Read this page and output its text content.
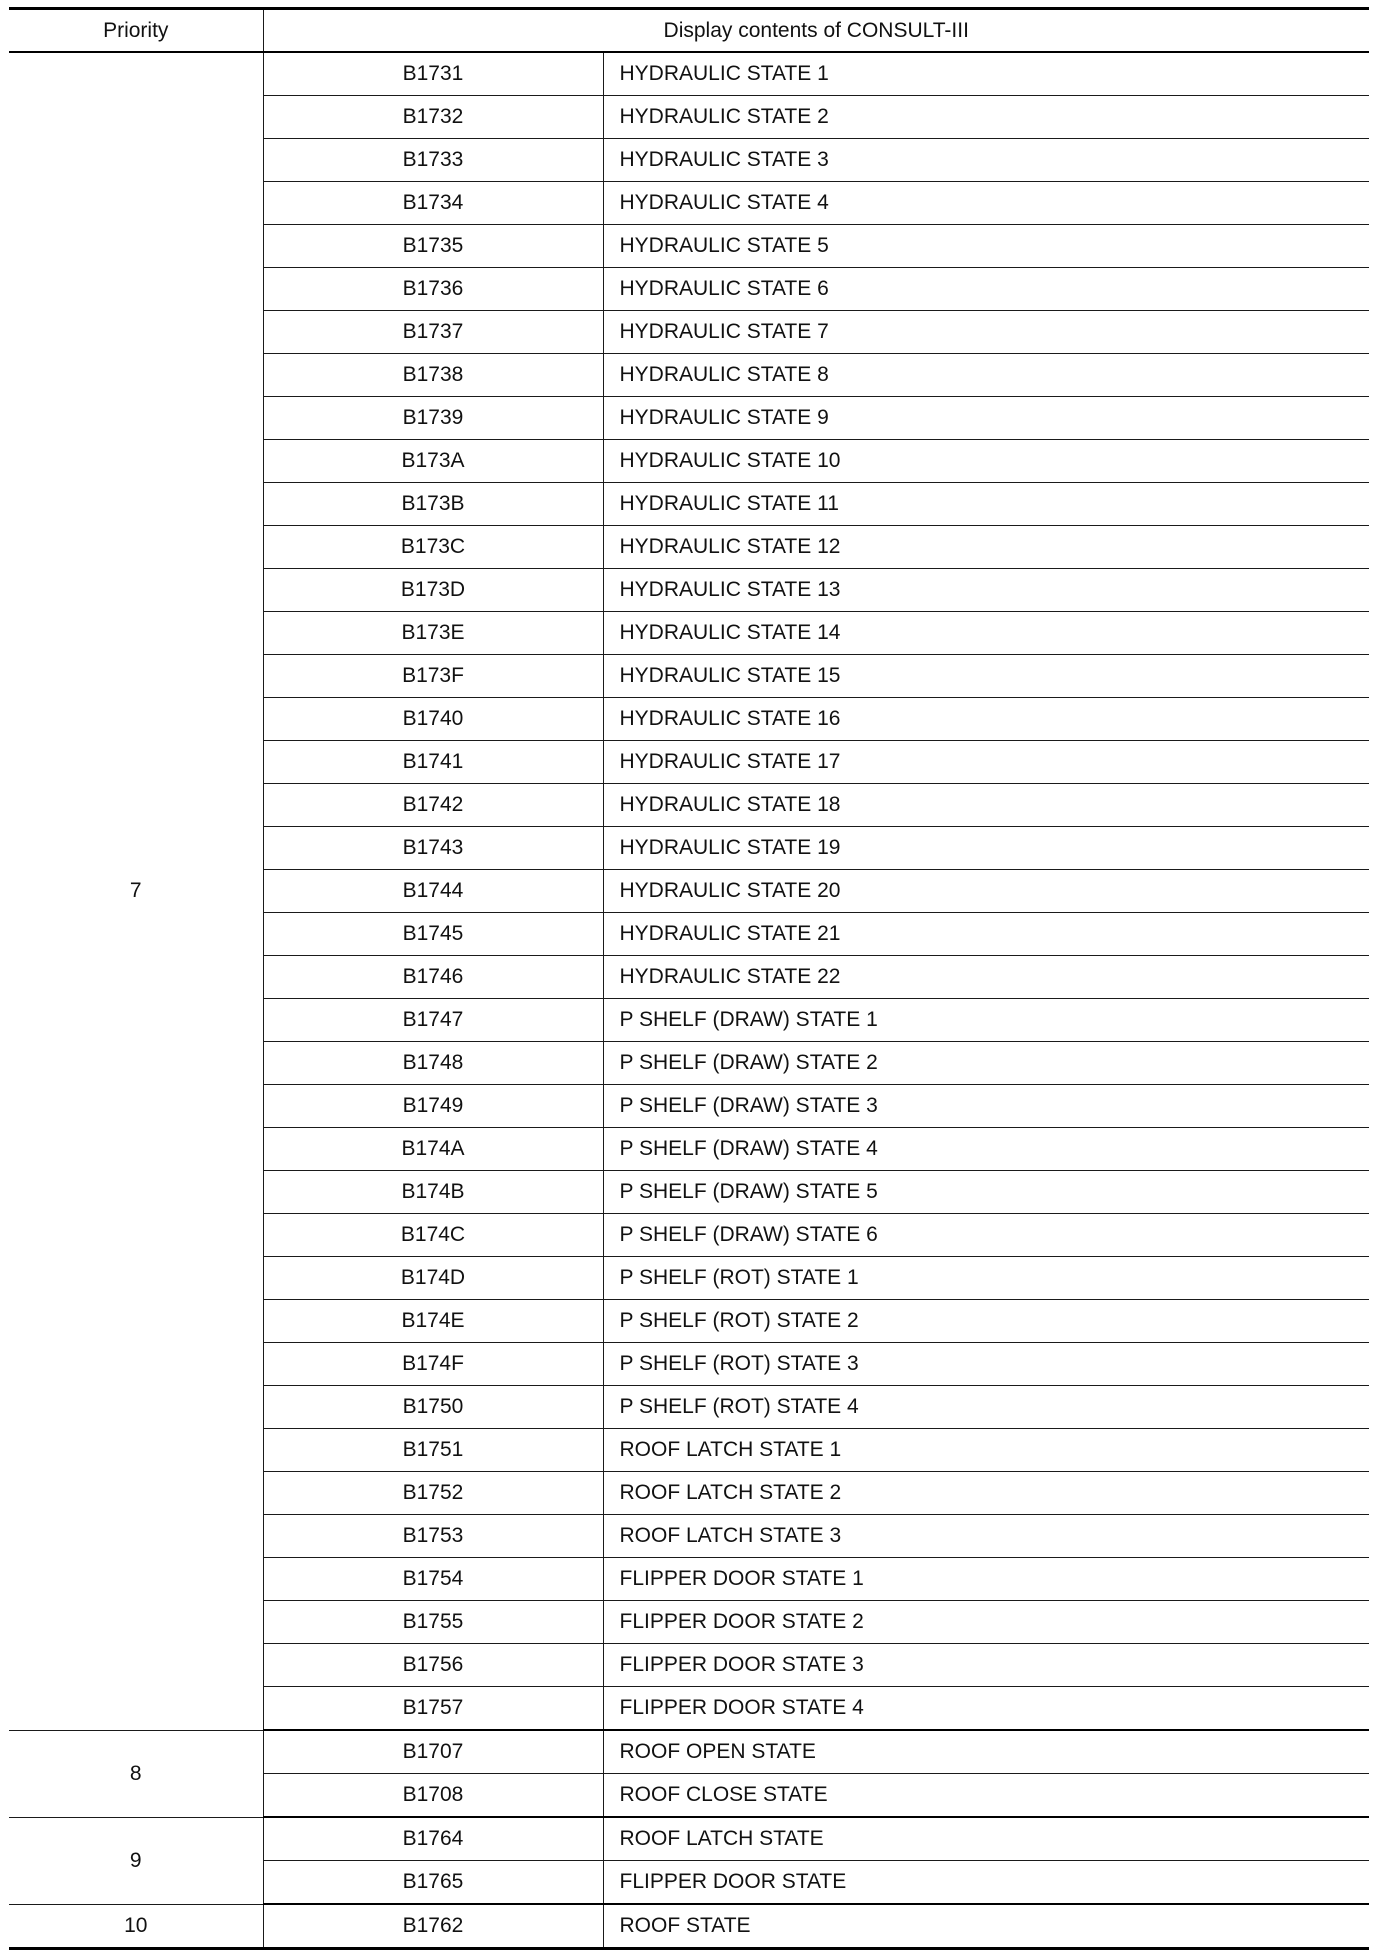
Priority	Display contents of CONSULT-III	
7	B1731	HYDRAULIC STATE 1
	B1732	HYDRAULIC STATE 2
	B1733	HYDRAULIC STATE 3
	B1734	HYDRAULIC STATE 4
	B1735	HYDRAULIC STATE 5
	B1736	HYDRAULIC STATE 6
	B1737	HYDRAULIC STATE 7
	B1738	HYDRAULIC STATE 8
	B1739	HYDRAULIC STATE 9
	B173A	HYDRAULIC STATE 10
	B173B	HYDRAULIC STATE 11
	B173C	HYDRAULIC STATE 12
	B173D	HYDRAULIC STATE 13
	B173E	HYDRAULIC STATE 14
	B173F	HYDRAULIC STATE 15
	B1740	HYDRAULIC STATE 16
	B1741	HYDRAULIC STATE 17
	B1742	HYDRAULIC STATE 18
	B1743	HYDRAULIC STATE 19
	B1744	HYDRAULIC STATE 20
	B1745	HYDRAULIC STATE 21
	B1746	HYDRAULIC STATE 22
	B1747	P SHELF (DRAW) STATE 1
	B1748	P SHELF (DRAW) STATE 2
	B1749	P SHELF (DRAW) STATE 3
	B174A	P SHELF (DRAW) STATE 4
	B174B	P SHELF (DRAW) STATE 5
	B174C	P SHELF (DRAW) STATE 6
	B174D	P SHELF (ROT) STATE 1
	B174E	P SHELF (ROT) STATE 2
	B174F	P SHELF (ROT) STATE 3
	B1750	P SHELF (ROT) STATE 4
	B1751	ROOF LATCH STATE 1
	B1752	ROOF LATCH STATE 2
	B1753	ROOF LATCH STATE 3
	B1754	FLIPPER DOOR STATE 1
	B1755	FLIPPER DOOR STATE 2
	B1756	FLIPPER DOOR STATE 3
	B1757	FLIPPER DOOR STATE 4
8	B1707	ROOF OPEN STATE
	B1708	ROOF CLOSE STATE
9	B1764	ROOF LATCH STATE
	B1765	FLIPPER DOOR STATE
10	B1762	ROOF STATE
